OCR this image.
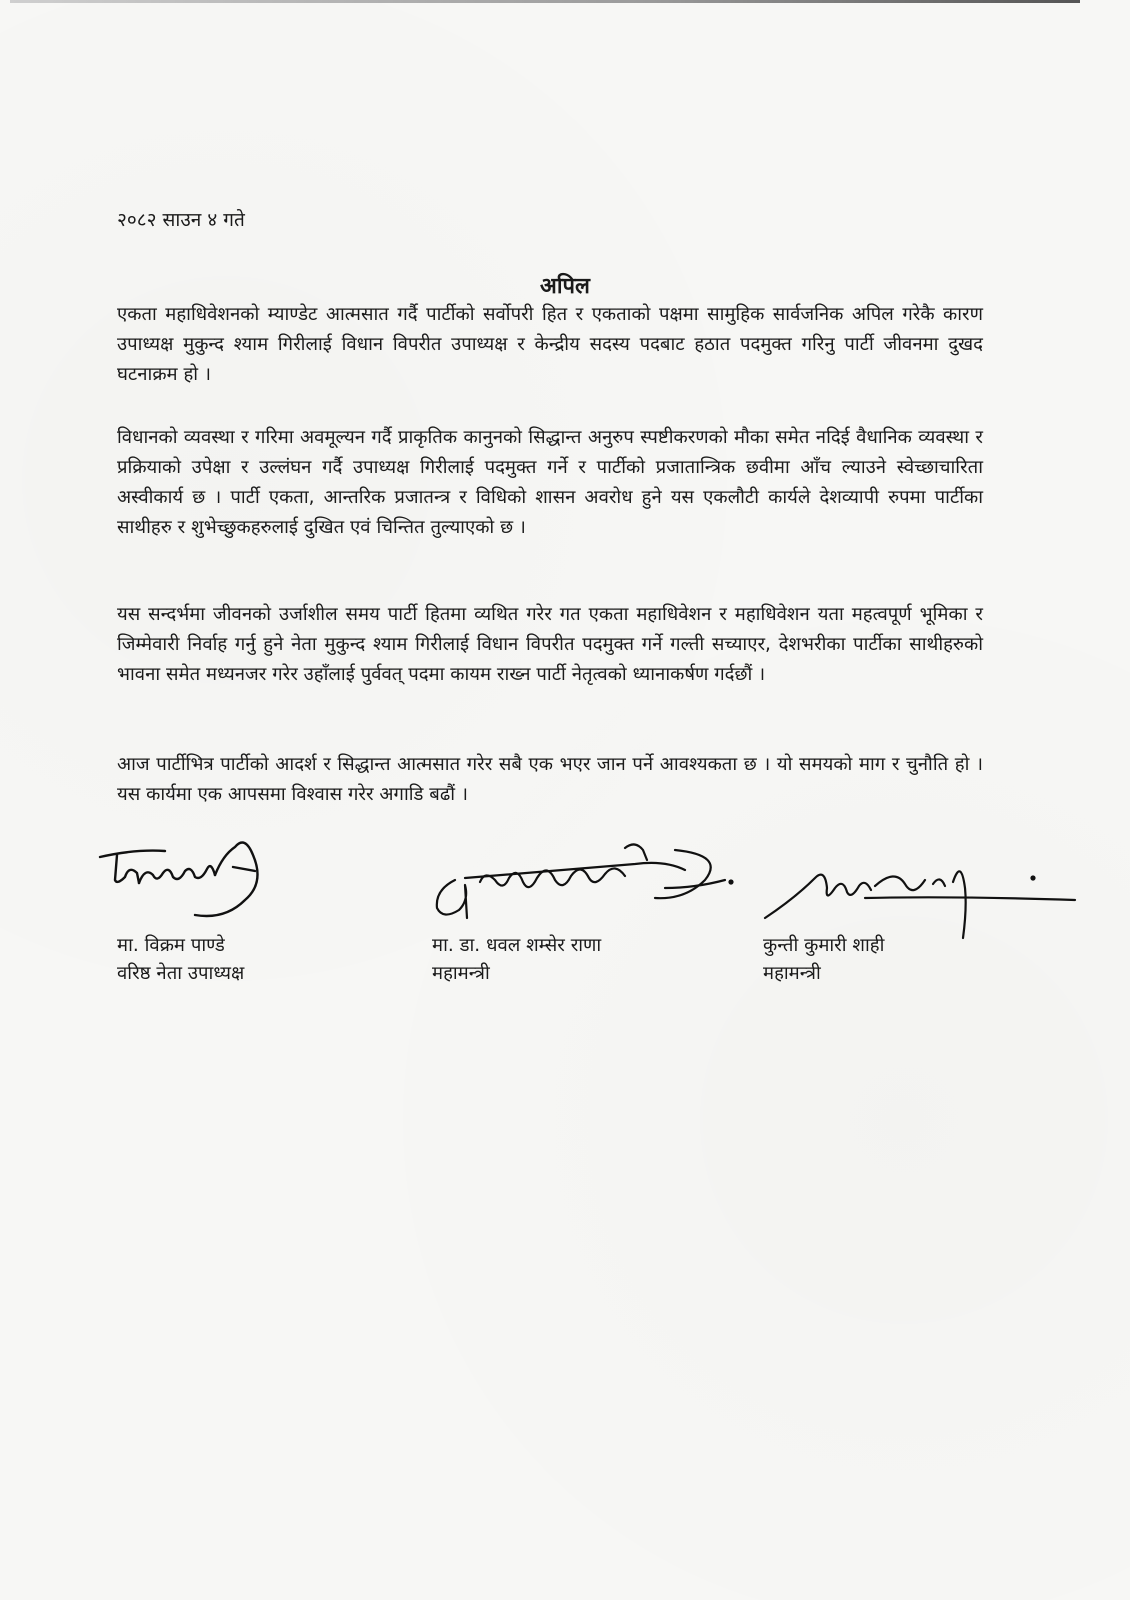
२०८२ साउन ४ गते
अपिल

एकता महाधिवेशनको म्याण्डेट आत्मसात गर्दै पार्टीको सर्वोपरी हित र एकताको पक्षमा सामुहिक सार्वजनिक अपिल गरेकै कारण उपाध्यक्ष मुकुन्द श्याम गिरीलाई विधान विपरीत उपाध्यक्ष र केन्द्रीय सदस्य पदबाट हठात पदमुक्त गरिनु पार्टी जीवनमा दुखद घटनाक्रम हो ।

विधानको व्यवस्था र गरिमा अवमूल्यन गर्दै प्राकृतिक कानुनको सिद्धान्त अनुरुप स्पष्टीकरणको मौका समेत नदिई वैधानिक व्यवस्था र प्रक्रियाको उपेक्षा र उल्लंघन गर्दै उपाध्यक्ष गिरीलाई पदमुक्त गर्ने र पार्टीको प्रजातान्त्रिक छवीमा आँच ल्याउने स्वेच्छाचारिता अस्वीकार्य छ । पार्टी एकता, आन्तरिक प्रजातन्त्र र विधिको शासन अवरोध हुने यस एकलौटी कार्यले देशव्यापी रुपमा पार्टीका साथीहरु र शुभेच्छुकहरुलाई दुखित एवं चिन्तित तुल्याएको छ ।

यस सन्दर्भमा जीवनको उर्जाशील समय पार्टी हितमा व्यथित गरेर गत एकता महाधिवेशन र महाधिवेशन यता महत्वपूर्ण भूमिका र जिम्मेवारी निर्वाह गर्नु हुने नेता मुकुन्द श्याम गिरीलाई विधान विपरीत पदमुक्त गर्ने गल्ती सच्याएर, देशभरीका पार्टीका साथीहरुको भावना समेत मध्यनजर गरेर उहाँलाई पुर्ववत् पदमा कायम राख्न पार्टी नेतृत्वको ध्यानाकर्षण गर्दछौं ।

आज पार्टीभित्र पार्टीको आदर्श र सिद्धान्त आत्मसात गरेर सबै एक भएर जान पर्ने आवश्यकता छ । यो समयको माग र चुनौति हो । यस कार्यमा एक आपसमा विश्वास गरेर अगाडि बढौं ।

मा. विक्रम पाण्डे
वरिष्ठ नेता उपाध्यक्ष
मा. डा. धवल शम्सेर राणा
महामन्त्री
कुन्ती कुमारी शाही
महामन्त्री
